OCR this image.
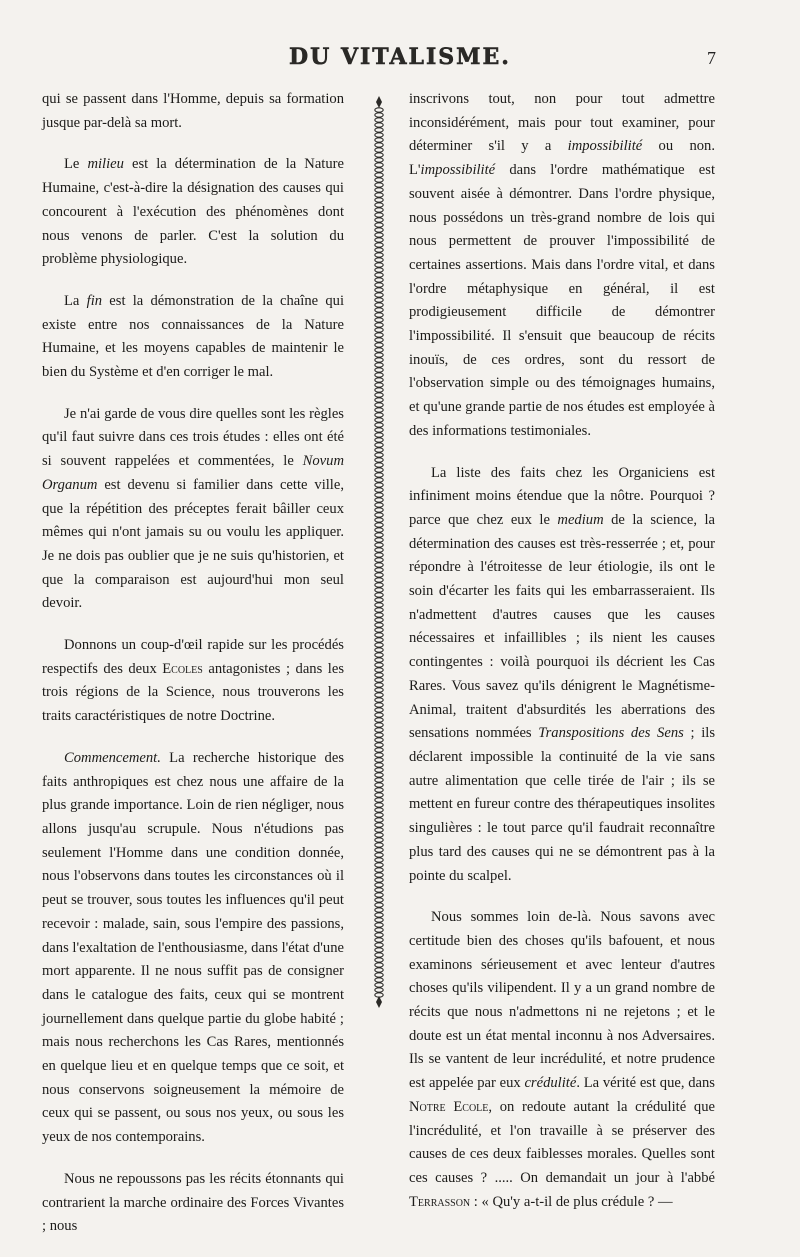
DU VITALISME.	7

qui se passent dans l'Homme, depuis sa formation jusque par-delà sa mort.

Le milieu est la détermination de la Nature Humaine, c'est-à-dire la désignation des causes qui concourent à l'exécution des phénomènes dont nous venons de parler. C'est la solution du problème physiologique.

La fin est la démonstration de la chaîne qui existe entre nos connaissances de la Nature Humaine, et les moyens capables de maintenir le bien du Système et d'en corriger le mal.

Je n'ai garde de vous dire quelles sont les règles qu'il faut suivre dans ces trois études : elles ont été si souvent rappelées et commentées, le Novum Organum est devenu si familier dans cette ville, que la répétition des préceptes ferait bâiller ceux mêmes qui n'ont jamais su ou voulu les appliquer. Je ne dois pas oublier que je ne suis qu'historien, et que la comparaison est aujourd'hui mon seul devoir.

Donnons un coup-d'œil rapide sur les procédés respectifs des deux Ecoles antagonistes ; dans les trois régions de la Science, nous trouverons les traits caractéristiques de notre Doctrine.

Commencement. La recherche historique des faits anthropiques est chez nous une affaire de la plus grande importance. Loin de rien négliger, nous allons jusqu'au scrupule. Nous n'étudions pas seulement l'Homme dans une condition donnée, nous l'observons dans toutes les circonstances où il peut se trouver, sous toutes les influences qu'il peut recevoir : malade, sain, sous l'empire des passions, dans l'exaltation de l'enthousiasme, dans l'état d'une mort apparente. Il ne nous suffit pas de consigner dans le catalogue des faits, ceux qui se montrent journellement dans quelque partie du globe habité ; mais nous recherchons les Cas Rares, mentionnés en quelque lieu et en quelque temps que ce soit, et nous conservons soigneusement la mémoire de ceux qui se passent, ou sous nos yeux, ou sous les yeux de nos contemporains.

Nous ne repoussons pas les récits étonnants qui contrarient la marche ordinaire des Forces Vivantes ; nous

inscrivons tout, non pour tout admettre inconsidérément, mais pour tout examiner, pour déterminer s'il y a impossibilité ou non. L'impossibilité dans l'ordre mathématique est souvent aisée à démontrer. Dans l'ordre physique, nous possédons un très-grand nombre de lois qui nous permettent de prouver l'impossibilité de certaines assertions. Mais dans l'ordre vital, et dans l'ordre métaphysique en général, il est prodigieusement difficile de démontrer l'impossibilité. Il s'ensuit que beaucoup de récits inouïs, de ces ordres, sont du ressort de l'observation simple ou des témoignages humains, et qu'une grande partie de nos études est employée à des informations testimoniales.

La liste des faits chez les Organiciens est infiniment moins étendue que la nôtre. Pourquoi ? parce que chez eux le medium de la science, la détermination des causes est très-resserrée ; et, pour répondre à l'étroitesse de leur étiologie, ils ont le soin d'écarter les faits qui les embarrasseraient. Ils n'admettent d'autres causes que les causes nécessaires et infaillibles ; ils nient les causes contingentes : voilà pourquoi ils décrient les Cas Rares. Vous savez qu'ils dénigrent le Magnétisme-Animal, traitent d'absurdités les aberrations des sensations nommées Transpositions des Sens ; ils déclarent impossible la continuité de la vie sans autre alimentation que celle tirée de l'air ; ils se mettent en fureur contre des thérapeutiques insolites singulières : le tout parce qu'il faudrait reconnaître plus tard des causes qui ne se démontrent pas à la pointe du scalpel.

Nous sommes loin de-là. Nous savons avec certitude bien des choses qu'ils bafouent, et nous examinons sérieusement et avec lenteur d'autres choses qu'ils vilipendent. Il y a un grand nombre de récits que nous n'admettons ni ne rejetons ; et le doute est un état mental inconnu à nos Adversaires. Ils se vantent de leur incrédulité, et notre prudence est appelée par eux crédulité. La vérité est que, dans Notre Ecole, on redoute autant la crédulité que l'incrédulité, et l'on travaille à se préserver des causes de ces deux faiblesses morales. Quelles sont ces causes ? ..... On demandait un jour à l'abbé Terrasson : « Qu'y a-t-il de plus crédule ? —
